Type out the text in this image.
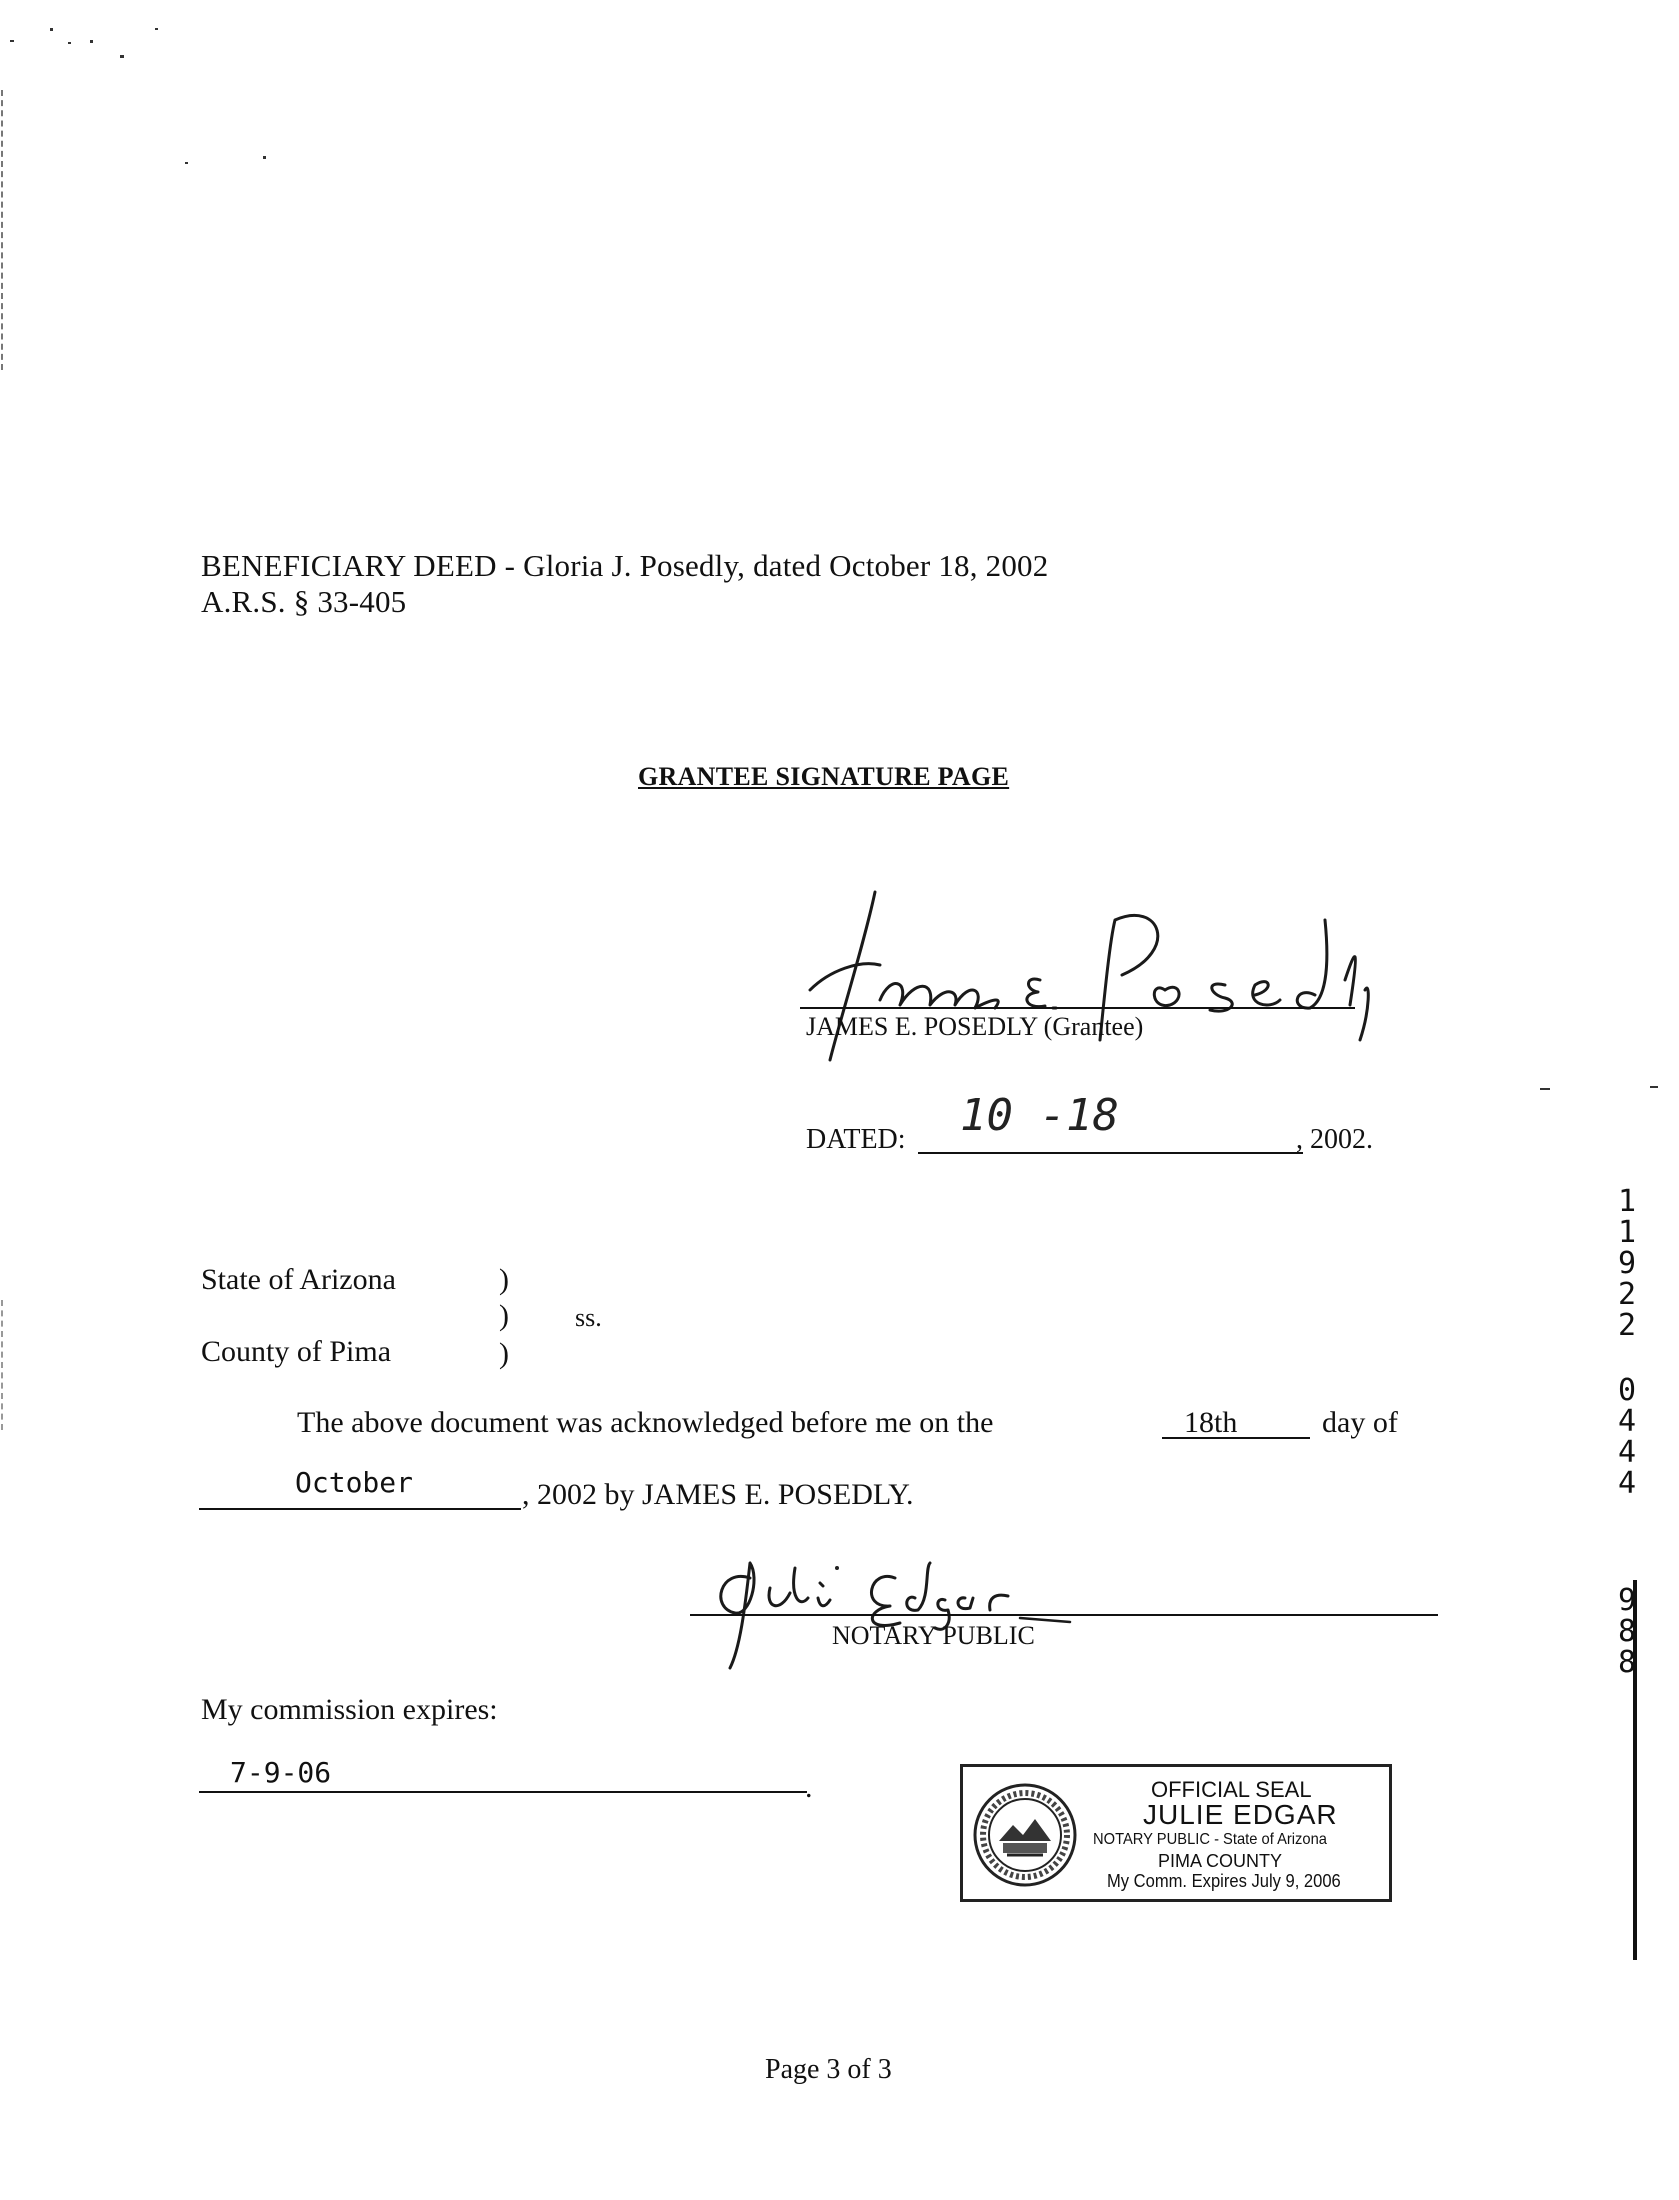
BENEFICIARY DEED - Gloria J. Posedly, dated October 18, 2002
A.R.S. § 33-405
GRANTEE SIGNATURE PAGE
JAMES E. POSEDLY (Grantee)
DATED: 10 -18	, 2002.
State of Arizona	)
)	ss.
County of Pima	)
The above document was acknowledged before me on the	18th	day of
October	, 2002 by JAMES E. POSEDLY.
NOTARY PUBLIC
My commission expires:
7-9-06	.	OFFICIAL SEAL
JULIE EDGAR
NOTARY PUBLIC - State of Arizona
PIMA COUNTY
My Comm. Expires July 9, 2006
11922
0444
988
Page 3 of 3
